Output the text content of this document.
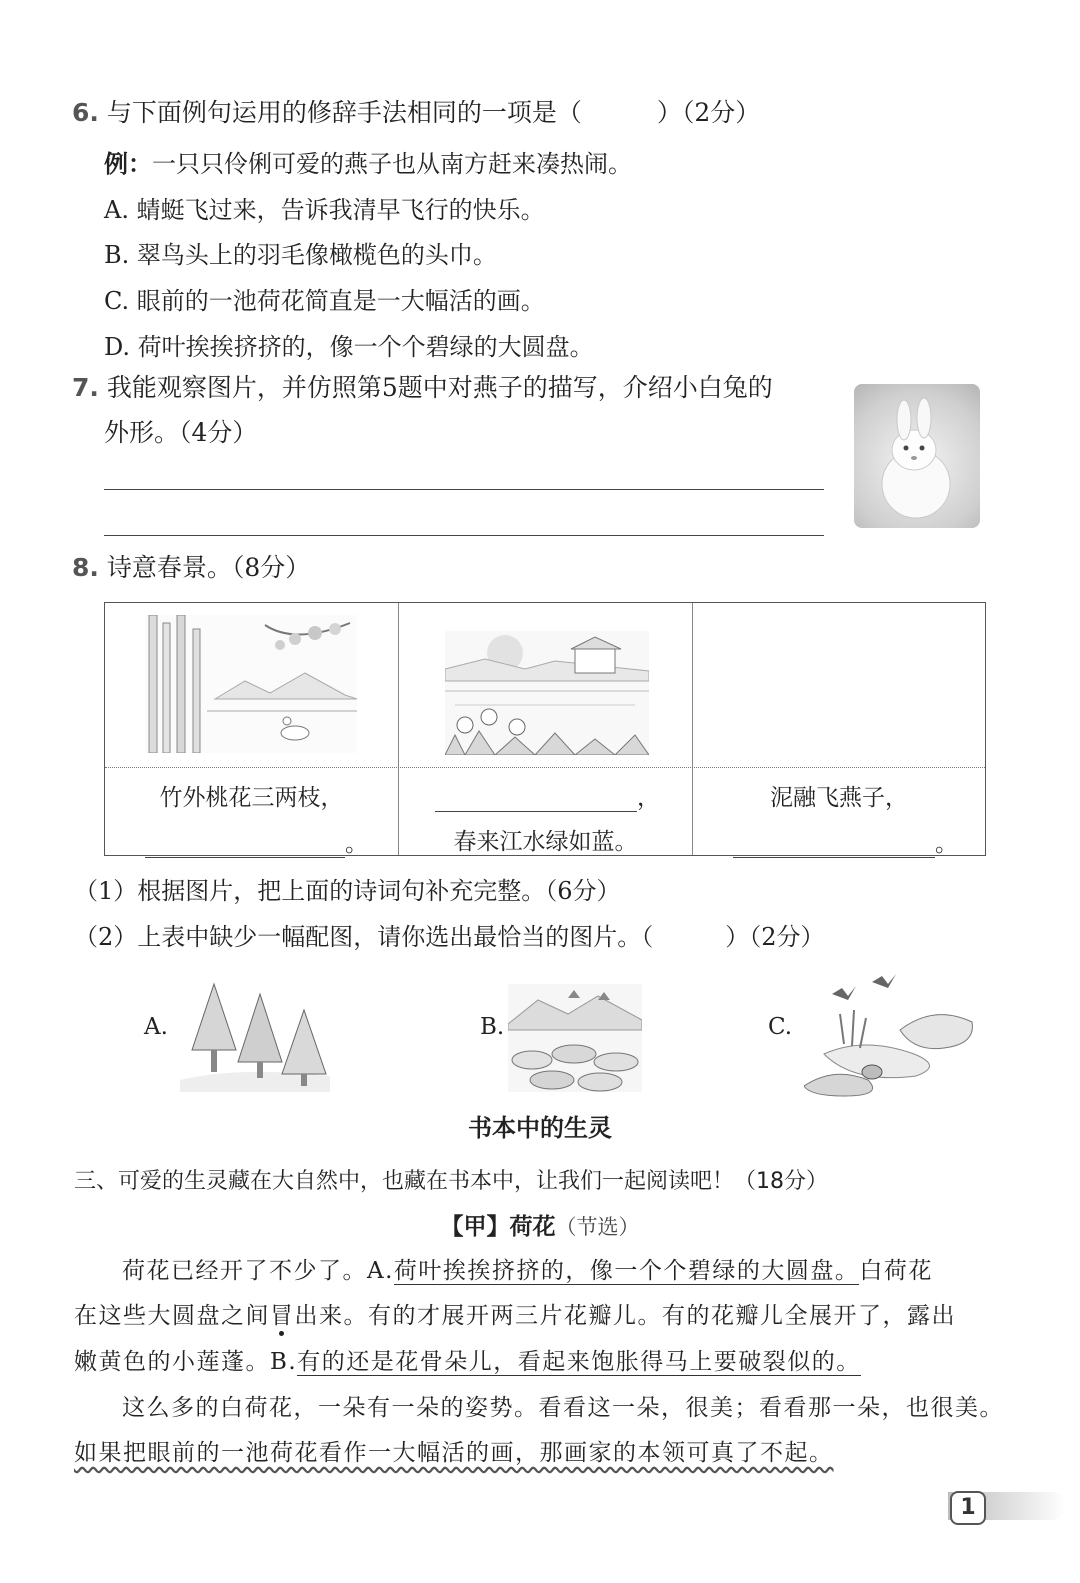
6. 与下面例句运用的修辞手法相同的一项是（　　　）（2分）
例：一只只伶俐可爱的燕子也从南方赶来凑热闹。
A. 蜻蜓飞过来，告诉我清早飞行的快乐。
B. 翠鸟头上的羽毛像橄榄色的头巾。
C. 眼前的一池荷花简直是一大幅活的画。
D. 荷叶挨挨挤挤的，像一个个碧绿的大圆盘。
7. 我能观察图片，并仿照第5题中对燕子的描写，介绍小白兔的
外形。（4分）
8. 诗意春景。（8分）
竹外桃花三两枝，
。
，
春来江水绿如蓝。
泥融飞燕子，
。
（1）根据图片，把上面的诗词句补充完整。（6分）
（2）上表中缺少一幅配图，请你选出最恰当的图片。（　　　）（2分）
A.	B.	C.
书本中的生灵
三、可爱的生灵藏在大自然中，也藏在书本中，让我们一起阅读吧！（18分）
【甲】荷花（节选）
荷花已经开了不少了。A.荷叶挨挨挤挤的，像一个个碧绿的大圆盘。白荷花
在这些大圆盘之间冒
出来。有的才展开两三片花瓣儿。有的花瓣儿全展开了，露出
嫩黄色的小莲蓬。B.有的还是花骨朵儿，看起来饱胀得马上要破裂似的。
这么多的白荷花，一朵有一朵的姿势。看看这一朵，很美；看看那一朵，也很美。
如果把眼前的一池荷花看作一大幅活的画，那画家的本领可真了不起。
1
